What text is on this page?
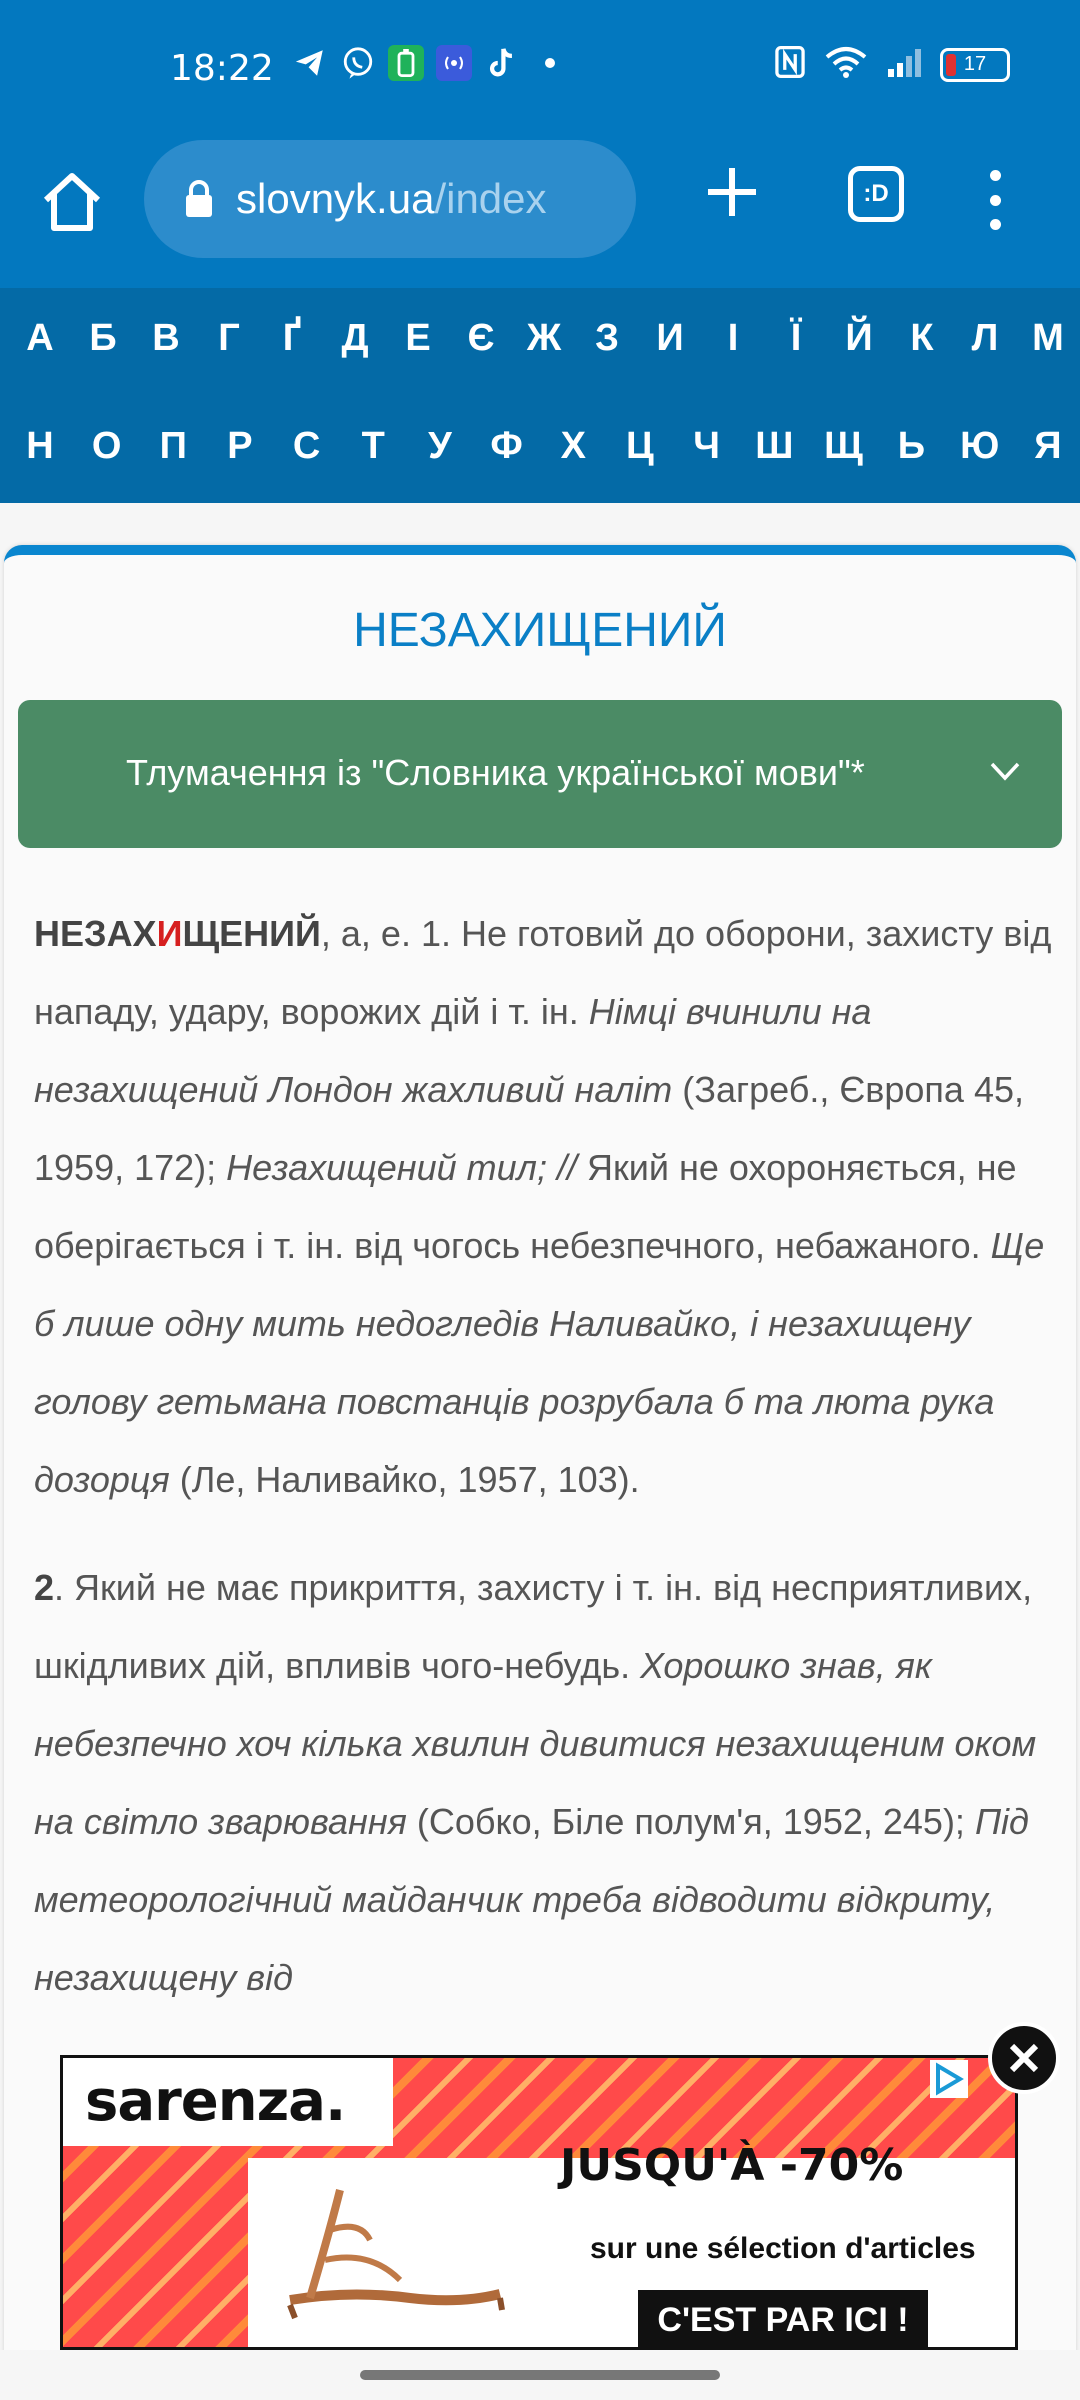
18:22	17
slovnyk.ua/index	:D
А Б В Г Ґ Д Е Є Ж З И	І	Ї	Й К Л М
Н О П Р С Т У Ф Х Ц Ч Ш Щ Ь Ю Я
НЕЗАХИЩЕНИЙ
Тлумачення із "Словника української мови"*

НЕЗАХИЩЕНИЙ, а, е. 1. Не готовий до оборони, захисту від нападу, удару, ворожих дій і т. ін. Німці вчинили на незахищений Лондон жахливий наліт (Загреб., Європа 45, 1959, 172); Незахищений тил; // Який не охороняється, не оберігається і т. ін. від чогось небезпечного, небажаного. Ще б лише одну мить недогледів Наливайко, і незахищену голову гетьмана повстанців розрубала б та люта рука дозорця (Ле, Наливайко, 1957, 103).

2. Який не має прикриття, захисту і т. ін. від несприятливих, шкідливих дій, впливів чого-небудь. Хорошко знав, як небезпечно хоч кілька хвилин дивитися незахищеним оком на світло зварювання (Собко, Біле полум'я, 1952, 245); Під метеорологічний майданчик треба відводити відкриту, незахищену від

sarenza.
JUSQU'À -70%
sur une sélection d'articles
C'EST PAR ICI !
